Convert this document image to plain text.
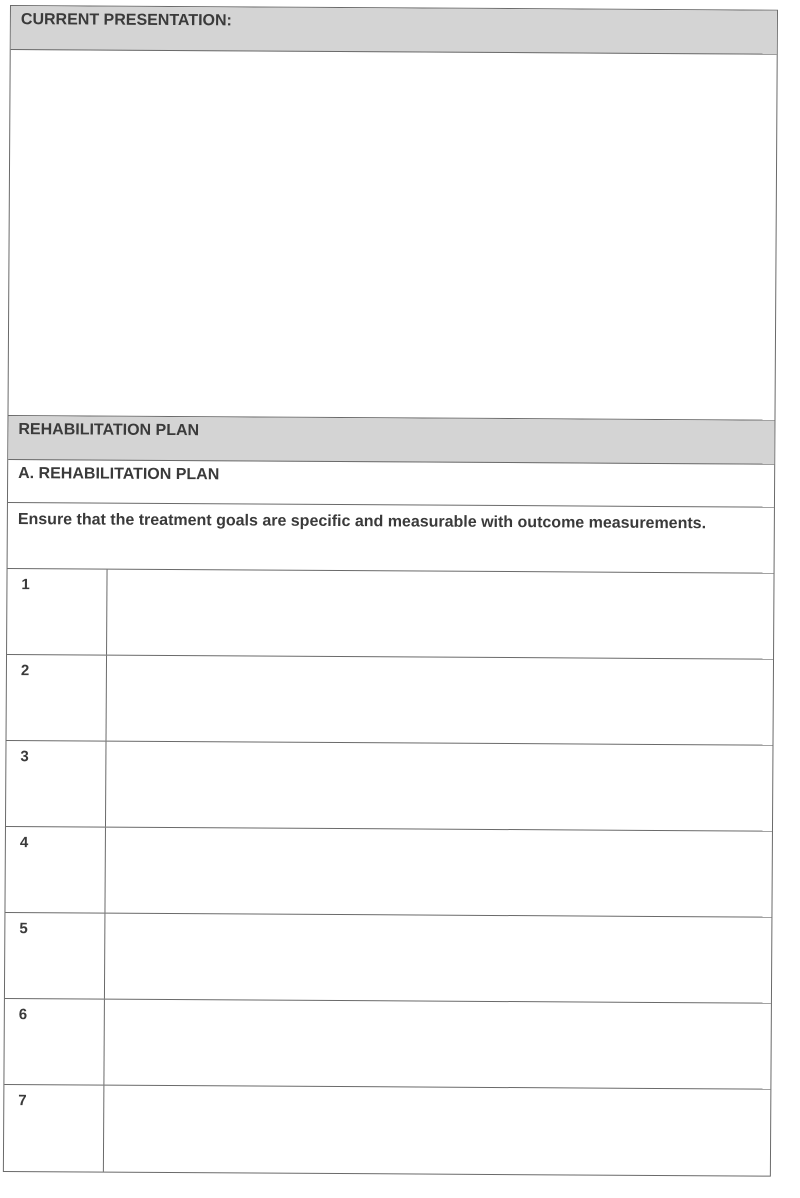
CURRENT PRESENTATION:
REHABILITATION PLAN
A. REHABILITATION PLAN
Ensure that the treatment goals are specific and measurable with outcome measurements.
1
2
3
4
5
6
7
